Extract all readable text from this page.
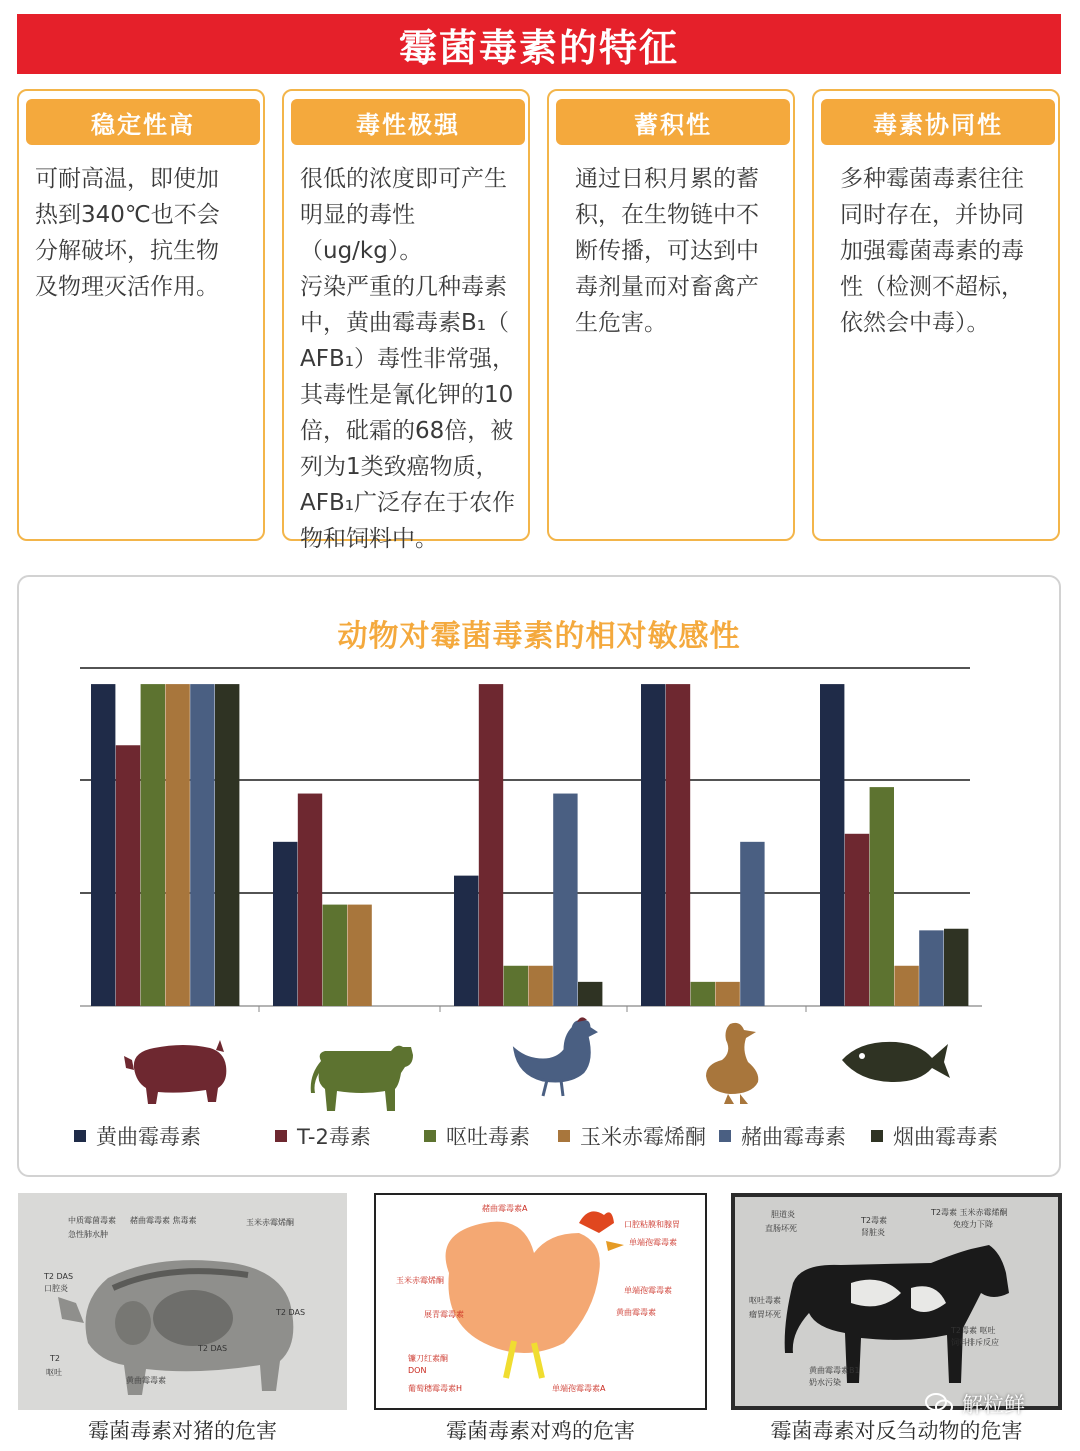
霉菌毒素的特征
稳定性高
可耐高温，即使加
热到340℃也不会
分解破坏，抗生物
及物理灭活作用。
毒性极强
很低的浓度即可产生
明显的毒性（ug/kg）。
污染严重的几种毒素
中，黄曲霉毒素B₁（
AFB₁）毒性非常强，
其毒性是氰化钾的10
倍，砒霜的68倍，被
列为1类致癌物质，
AFB₁广泛存在于农作
物和饲料中。
蓄积性
通过日积月累的蓄
积，在生物链中不
断传播，可达到中
毒剂量而对畜禽产
生危害。
毒素协同性
多种霉菌毒素往往
同时存在，并协同
加强霉菌毒素的毒
性（检测不超标，
依然会中毒）。
动物对霉菌毒素的相对敏感性
黄曲霉毒素	T-2毒素	呕吐毒素 玉米赤霉烯酮 赭曲霉毒素 烟曲霉毒素
中质霉菌毒素
急性肺水肿
赭曲霉毒素 焦毒素	玉米赤霉烯酮
T2 DAS
口腔炎
T2 DAS
T2 DAS
T2
呕吐
黄曲霉毒素
赭曲霉毒素A
口腔粘膜和腺胃
单端孢霉毒素
玉米赤霉烯酮
单端孢霉毒素
黄曲霉毒素
展青霉毒素
镰刀红素酮
DON
葡萄穗霉毒素H	单端孢霉毒素A
胆道炎
直肠坏死
T2毒素
肾脏炎
T2毒素 玉米赤霉烯酮
免疫力下降
呕吐毒素
瘤胃坏死
T2毒素 呕吐
饲料排斥反应
黄曲霉毒素B1
奶水污染
霉菌毒素对猪的危害	霉菌毒素对鸡的危害	霉菌毒素对反刍动物的危害
解粒鲜
